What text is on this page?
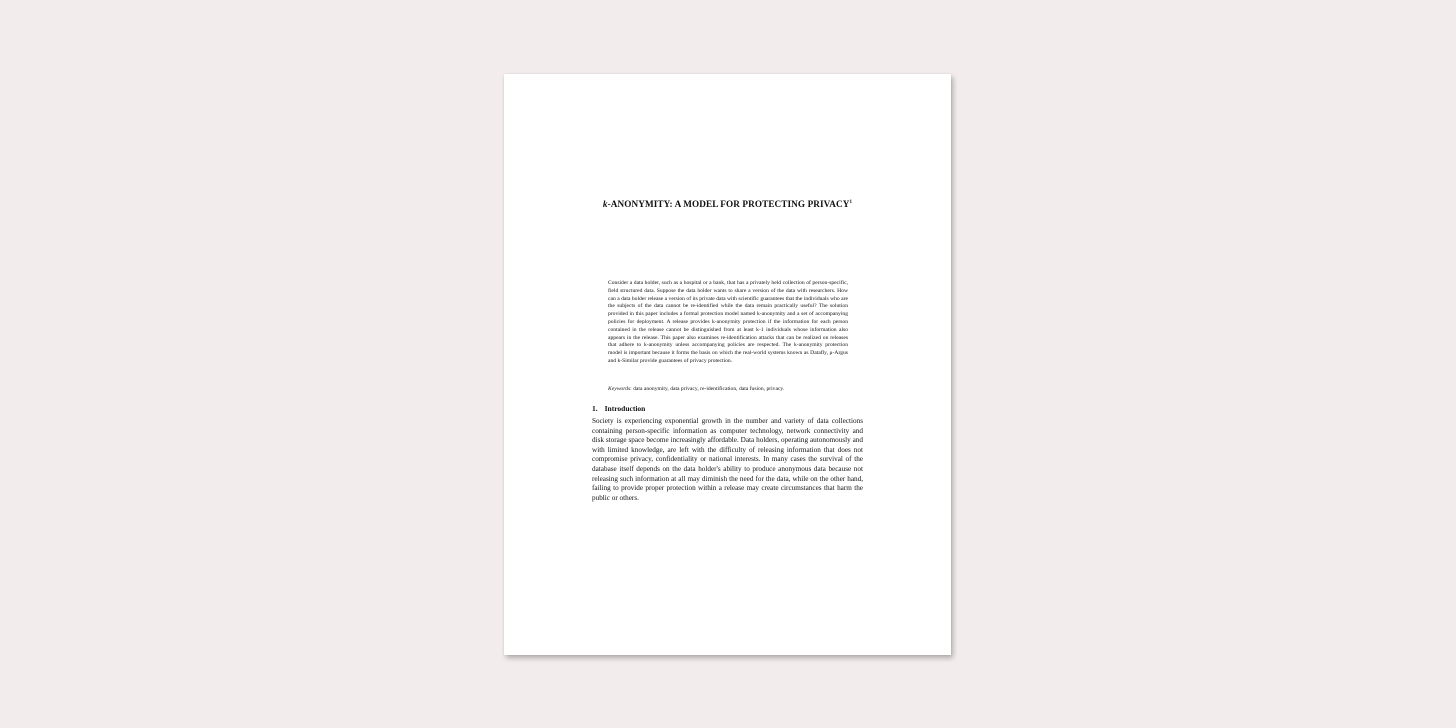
k-ANONYMITY: A MODEL FOR PROTECTING PRIVACY$^1$
Consider a data holder, such as a hospital or a bank, that has a privately held collection of person-specific, field structured data. Suppose the data holder wants to share a version of the data with researchers. How can a data holder release a version of its private data with scientific guarantees that the individuals who are the subjects of the data cannot be re-identified while the data remain practically useful? The solution provided in this paper includes a formal protection model named k-anonymity and a set of accompanying policies for deployment. A release provides k-anonymity protection if the information for each person contained in the release cannot be distinguished from at least k-1 individuals whose information also appears in the release. This paper also examines re-identification attacks that can be realized on releases that adhere to k-anonymity unless accompanying policies are respected. The k-anonymity protection model is important because it forms the basis on which the real-world systems known as Datafly, μ-Argus and k-Similar provide guarantees of privacy protection.
Keywords: data anonymity, data privacy, re-identification, data fusion, privacy.
1. Introduction
Society is experiencing exponential growth in the number and variety of data collections containing person-specific information as computer technology, network connectivity and disk storage space become increasingly affordable. Data holders, operating autonomously and with limited knowledge, are left with the difficulty of releasing information that does not compromise privacy, confidentiality or national interests. In many cases the survival of the database itself depends on the data holder's ability to produce anonymous data because not releasing such information at all may diminish the need for the data, while on the other hand, failing to provide proper protection within a release may create circumstances that harm the public or others.
